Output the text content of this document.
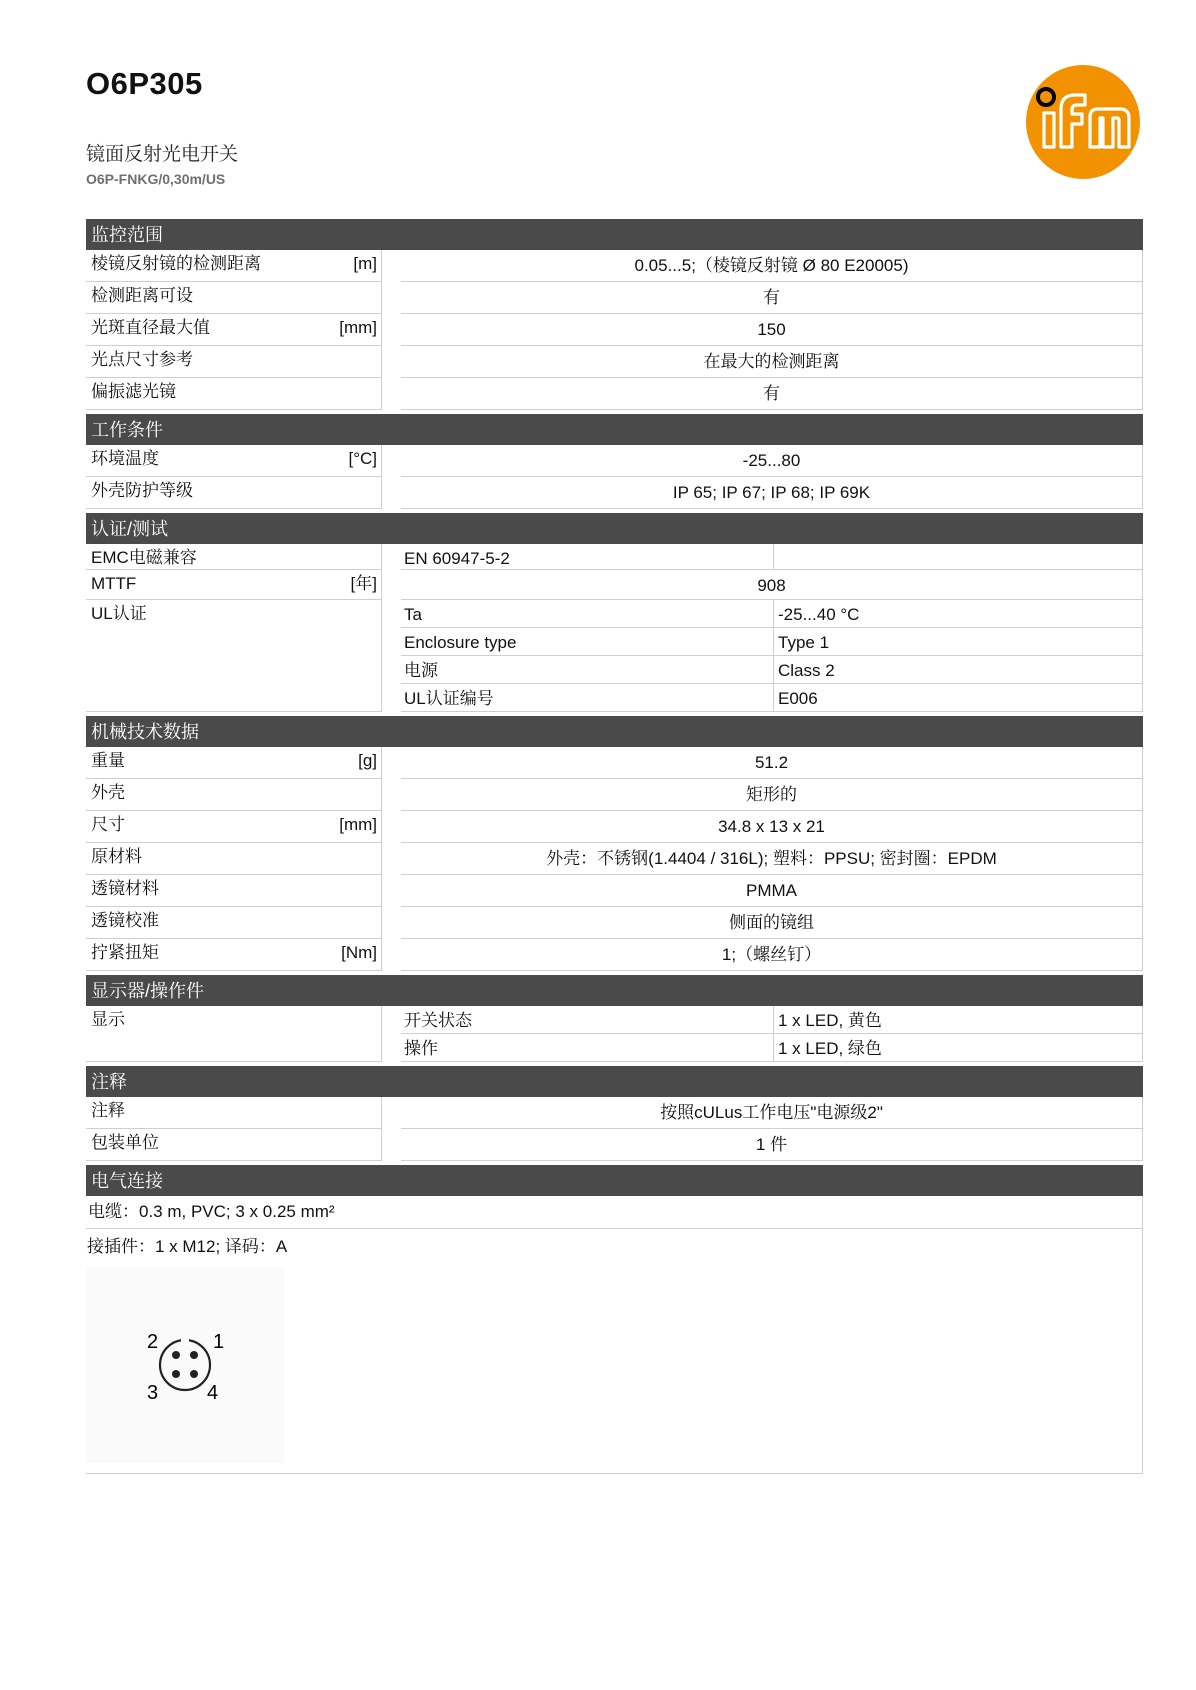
O6P305
镜面反射光电开关
O6P-FNKG/0,30m/US
监控范围
棱镜反射镜的检测距离	[m]	0.05...5;（棱镜反射镜 Ø 80 E20005)
检测距离可设	有
光斑直径最大值	[mm]	150
光点尺寸参考	在最大的检测距离
偏振滤光镜	有
工作条件
环境温度	[°C]	-25...80
外壳防护等级	IP 65; IP 67; IP 68; IP 69K
认证/测试
EMC电磁兼容	EN 60947-5-2
MTTF	[年]	908
UL认证	Ta	-25...40 °C
Enclosure type	Type 1
电源	Class 2
UL认证编号	E006
机械技术数据
重量	[g]	51.2
外壳	矩形的
尺寸	[mm]	34.8 x 13 x 21
原材料	外壳：不锈钢(1.4404 / 316L); 塑料：PPSU; 密封圈：EPDM
透镜材料	PMMA
透镜校准	侧面的镜组
拧紧扭矩	[Nm]	1;（螺丝钉）
显示器/操作件
显示	开关状态	1 x LED, 黄色
操作	1 x LED, 绿色
注释
注释	按照cULus工作电压"电源级2"
包装单位	1 件
电气连接
电缆：0.3 m, PVC; 3 x 0.25 mm²
接插件：1 x M12; 译码：A
1
2
3 4
